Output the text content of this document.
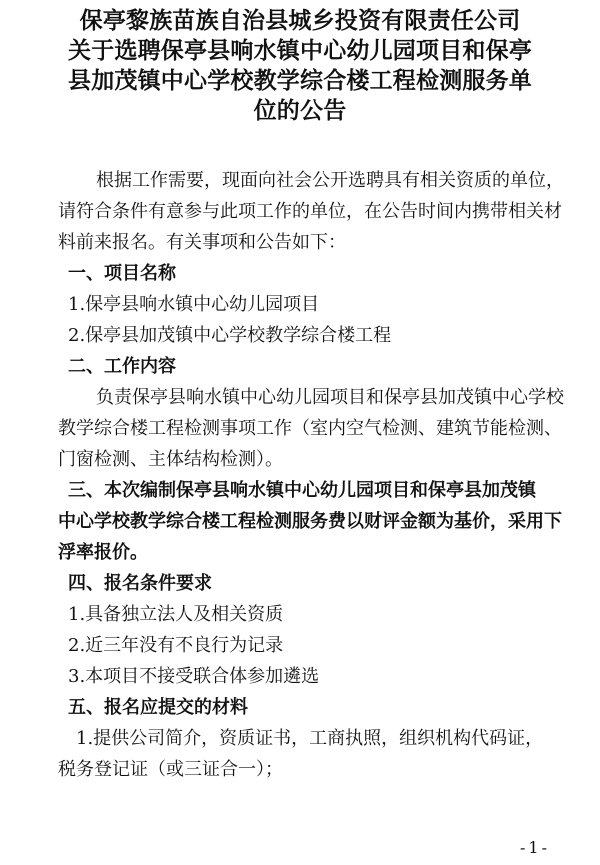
保亭黎族苗族自治县城乡投资有限责任公司
关于选聘保亭县响水镇中心幼儿园项目和保亭
县加茂镇中心学校教学综合楼工程检测服务单
位的公告
根据工作需要，现面向社会公开选聘具有相关资质的单位，
请符合条件有意参与此项工作的单位，在公告时间内携带相关材
料前来报名。有关事项和公告如下：
一、项目名称
1.保亭县响水镇中心幼儿园项目
2.保亭县加茂镇中心学校教学综合楼工程
二、工作内容
负责保亭县响水镇中心幼儿园项目和保亭县加茂镇中心学校
教学综合楼工程检测事项工作（室内空气检测、建筑节能检测、
门窗检测、主体结构检测）。
三、本次编制保亭县响水镇中心幼儿园项目和保亭县加茂镇
中心学校教学综合楼工程检测服务费以财评金额为基价，采用下
浮率报价。
四、报名条件要求
1.具备独立法人及相关资质
2.近三年没有不良行为记录
3.本项目不接受联合体参加遴选
五、报名应提交的材料
1.提供公司简介，资质证书，工商执照，组织机构代码证，
税务登记证（或三证合一）；
-1-
